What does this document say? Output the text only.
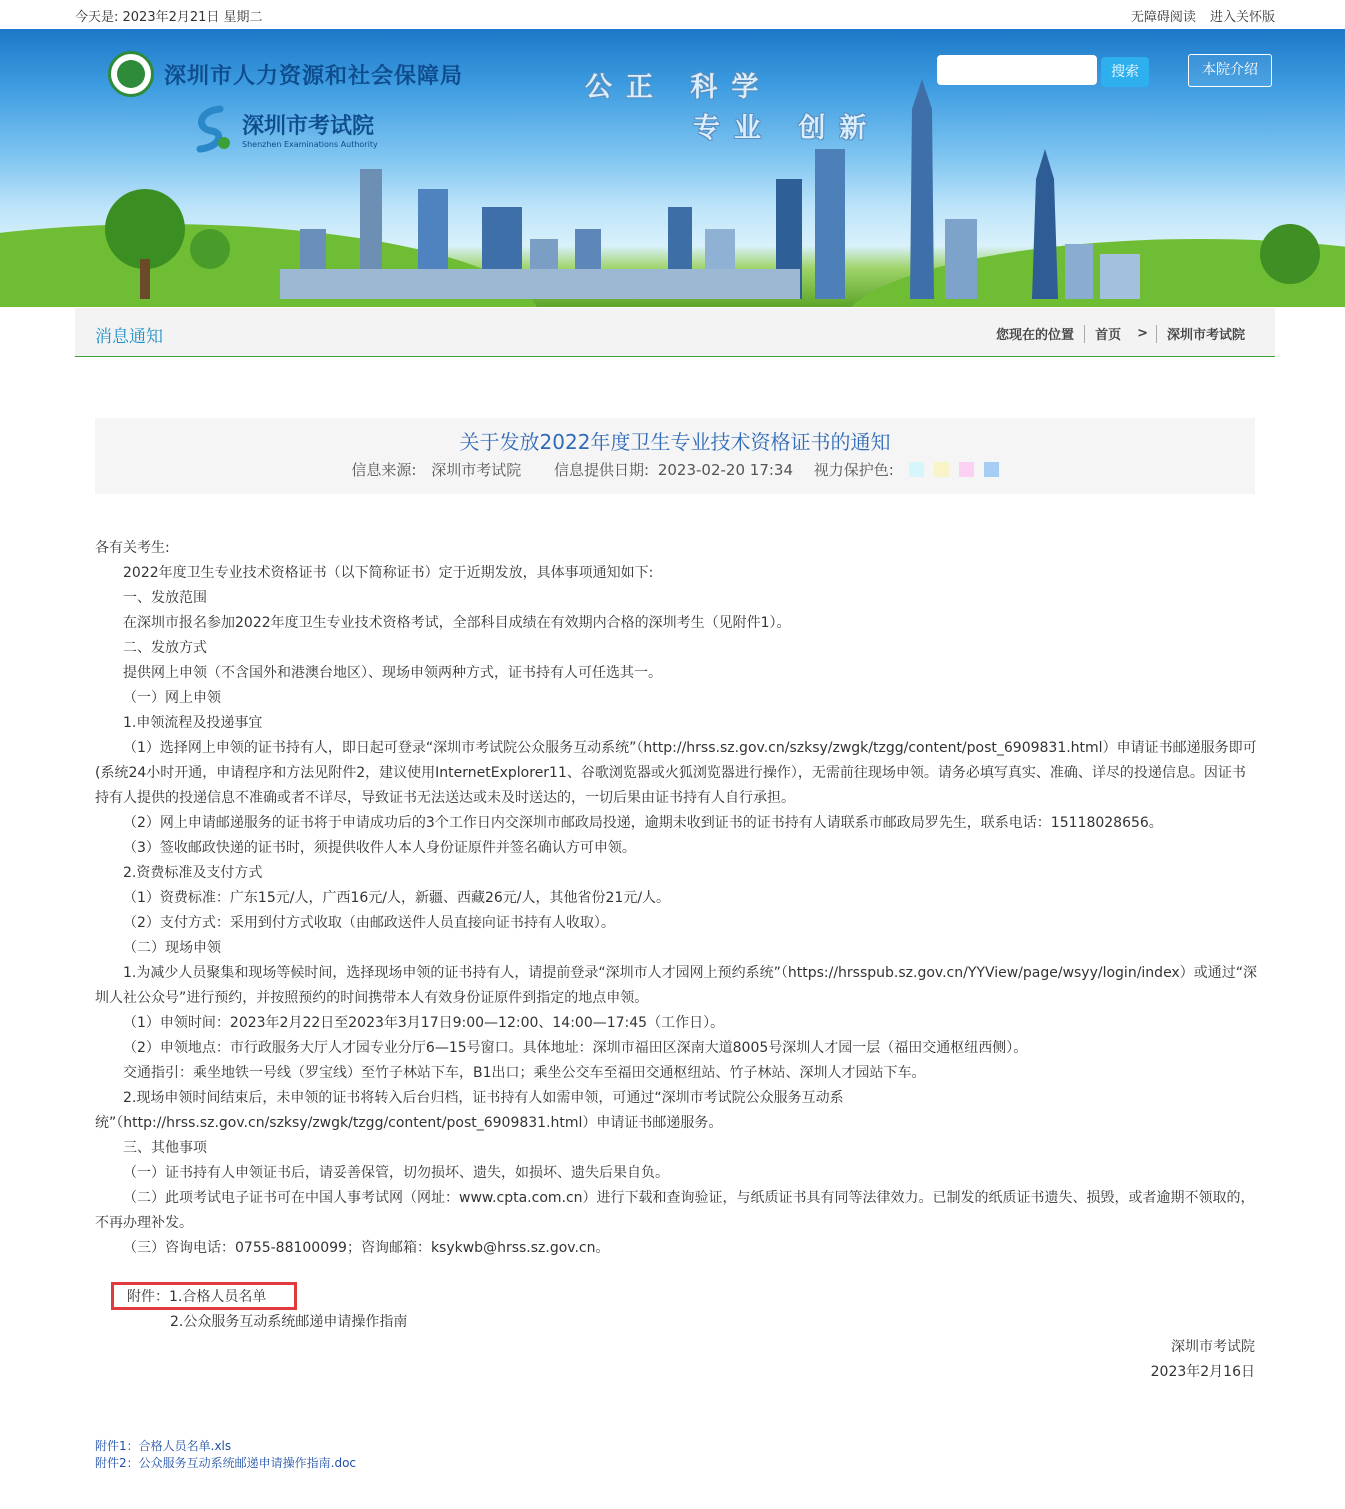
今天是: 2023年2月21日 星期二	无障碍阅读 进入关怀版
深圳市人力资源和社会保障局
深圳市考试院
Shenzhen Examinations Authority
公正 科学
专业 创新
搜索	本院介绍
消息通知	您现在的位置 首页 > 深圳市考试院
关于发放2022年度卫生专业技术资格证书的通知
信息来源: 深圳市考试院 信息提供日期: 2023-02-20 17:34 视力保护色:

各有关考生:

2022年度卫生专业技术资格证书（以下简称证书）定于近期发放，具体事项通知如下:

一、发放范围

在深圳市报名参加2022年度卫生专业技术资格考试，全部科目成绩在有效期内合格的深圳考生（见附件1）。

二、发放方式

提供网上申领（不含国外和港澳台地区）、现场申领两种方式，证书持有人可任选其一。

（一）网上申领

1.申领流程及投递事宜

（1）选择网上申领的证书持有人，即日起可登录“深圳市考试院公众服务互动系统”（http://hrss.sz.gov.cn/szksy/zwgk/tzgg/content/post_6909831.html）申请证书邮递服务即可(系统24小时开通，申请程序和方法见附件2，建议使用InternetExplorer11、谷歌浏览器或火狐浏览器进行操作），无需前往现场申领。请务必填写真实、准确、详尽的投递信息。因证书持有人提供的投递信息不准确或者不详尽，导致证书无法送达或未及时送达的，一切后果由证书持有人自行承担。

（2）网上申请邮递服务的证书将于申请成功后的3个工作日内交深圳市邮政局投递，逾期未收到证书的证书持有人请联系市邮政局罗先生，联系电话：15118028656。

（3）签收邮政快递的证书时，须提供收件人本人身份证原件并签名确认方可申领。

2.资费标准及支付方式

（1）资费标准：广东15元/人，广西16元/人，新疆、西藏26元/人，其他省份21元/人。

（2）支付方式：采用到付方式收取（由邮政送件人员直接向证书持有人收取）。

（二）现场申领

1.为减少人员聚集和现场等候时间，选择现场申领的证书持有人，请提前登录“深圳市人才园网上预约系统”（https://hrsspub.sz.gov.cn/YYView/page/wsyy/login/index）或通过“深圳人社公众号”进行预约，并按照预约的时间携带本人有效身份证原件到指定的地点申领。

（1）申领时间：2023年2月22日至2023年3月17日9:00—12:00、14:00—17:45（工作日）。

（2）申领地点：市行政服务大厅人才园专业分厅6—15号窗口。具体地址：深圳市福田区深南大道8005号深圳人才园一层（福田交通枢纽西侧）。

交通指引：乘坐地铁一号线（罗宝线）至竹子林站下车，B1出口；乘坐公交车至福田交通枢纽站、竹子林站、深圳人才园站下车。

2.现场申领时间结束后，未申领的证书将转入后台归档，证书持有人如需申领，可通过“深圳市考试院公众服务互动系统”（http://hrss.sz.gov.cn/szksy/zwgk/tzgg/content/post_6909831.html）申请证书邮递服务。

三、其他事项

（一）证书持有人申领证书后，请妥善保管，切勿损坏、遗失，如损坏、遗失后果自负。

（二）此项考试电子证书可在中国人事考试网（网址：www.cpta.com.cn）进行下载和查询验证，与纸质证书具有同等法律效力。已制发的纸质证书遗失、损毁，或者逾期不领取的，不再办理补发。

（三）咨询电话：0755-88100099；咨询邮箱：ksykwb@hrss.sz.gov.cn。

附件：1.合格人员名单
2.公众服务互动系统邮递申请操作指南
深圳市考试院
2023年2月16日
附件1：合格人员名单.xls
附件2：公众服务互动系统邮递申请操作指南.doc
